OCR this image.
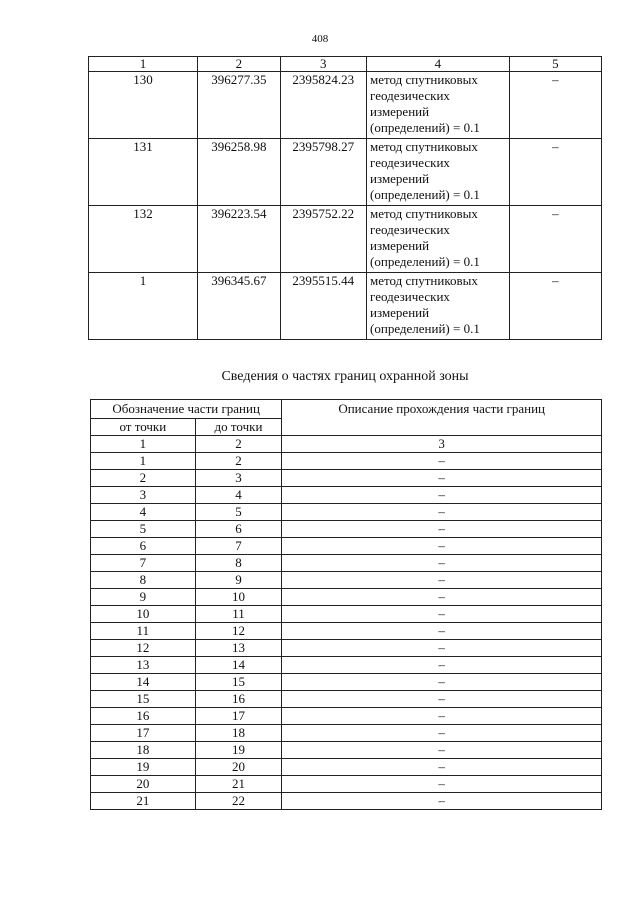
408
1	2	3	4	5
130	396277.35	2395824.23	метод спутниковых
геодезических
измерений
(определений) = 0.1	–
131	396258.98	2395798.27	метод спутниковых
геодезических
измерений
(определений) = 0.1	–
132	396223.54	2395752.22	метод спутниковых
геодезических
измерений
(определений) = 0.1	–
1	396345.67	2395515.44	метод спутниковых
геодезических
измерений
(определений) = 0.1	–
Сведения о частях границ охранной зоны
Обозначение части границ		Описание прохождения части границ
от точки	до точки	
1	2	3
1	2	–
2	3	–
3	4	–
4	5	–
5	6	–
6	7	–
7	8	–
8	9	–
9	10	–
10	11	–
11	12	–
12	13	–
13	14	–
14	15	–
15	16	–
16	17	–
17	18	–
18	19	–
19	20	–
20	21	–
21	22	–
